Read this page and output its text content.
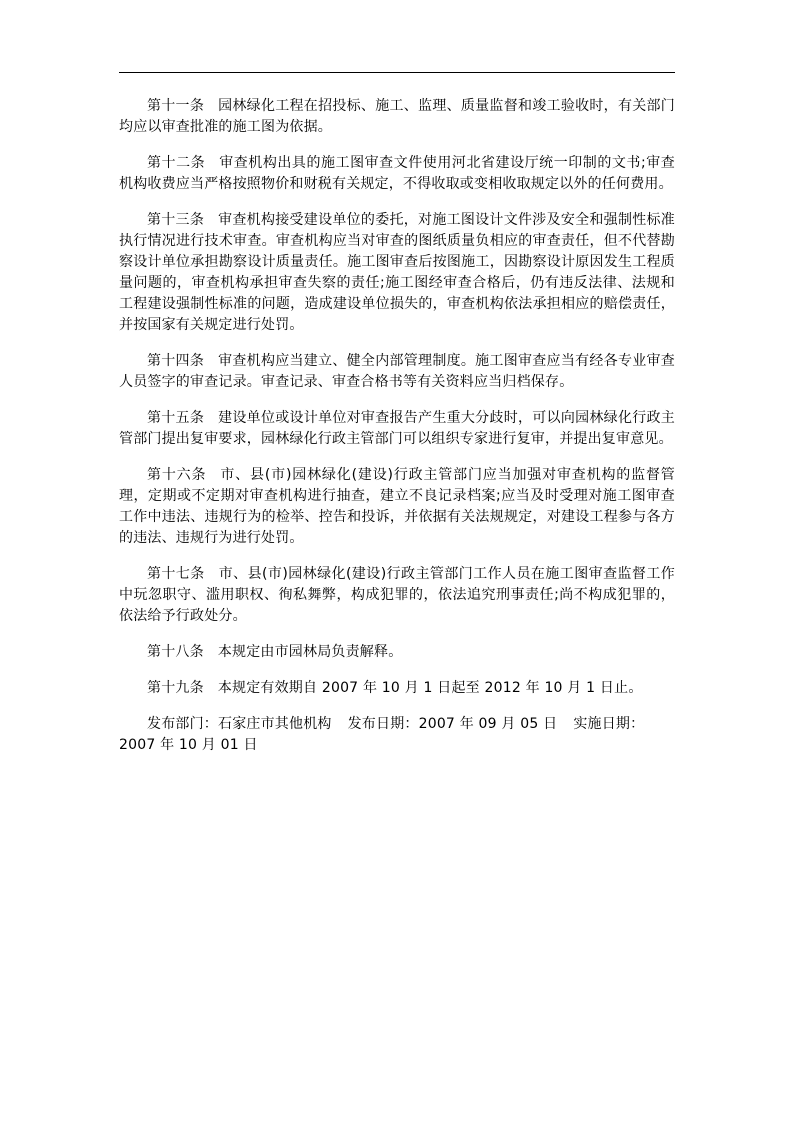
第十一条 园林绿化工程在招投标、施工、监理、质量监督和竣工验收时，有关部门均应以审查批准的施工图为依据。

第十二条 审查机构出具的施工图审查文件使用河北省建设厅统一印制的文书;审查机构收费应当严格按照物价和财税有关规定，不得收取或变相收取规定以外的任何费用。

第十三条 审查机构接受建设单位的委托，对施工图设计文件涉及安全和强制性标准执行情况进行技术审查。审查机构应当对审查的图纸质量负相应的审查责任，但不代替勘察设计单位承担勘察设计质量责任。施工图审查后按图施工，因勘察设计原因发生工程质量问题的，审查机构承担审查失察的责任;施工图经审查合格后，仍有违反法律、法规和工程建设强制性标准的问题，造成建设单位损失的，审查机构依法承担相应的赔偿责任，并按国家有关规定进行处罚。

第十四条 审查机构应当建立、健全内部管理制度。施工图审查应当有经各专业审查人员签字的审查记录。审查记录、审查合格书等有关资料应当归档保存。

第十五条 建设单位或设计单位对审查报告产生重大分歧时，可以向园林绿化行政主管部门提出复审要求，园林绿化行政主管部门可以组织专家进行复审，并提出复审意见。

第十六条 市、县(市)园林绿化(建设)行政主管部门应当加强对审查机构的监督管理，定期或不定期对审查机构进行抽查，建立不良记录档案;应当及时受理对施工图审查工作中违法、违规行为的检举、控告和投诉，并依据有关法规规定，对建设工程参与各方的违法、违规行为进行处罚。

第十七条 市、县(市)园林绿化(建设)行政主管部门工作人员在施工图审查监督工作中玩忽职守、滥用职权、徇私舞弊，构成犯罪的，依法追究刑事责任;尚不构成犯罪的，依法给予行政处分。

第十八条 本规定由市园林局负责解释。

第十九条 本规定有效期自 2007 年 10 月 1 日起至 2012 年 10 月 1 日止。

发布部门：石家庄市其他机构 发布日期：2007 年 09 月 05 日 实施日期：2007 年 10 月 01 日
